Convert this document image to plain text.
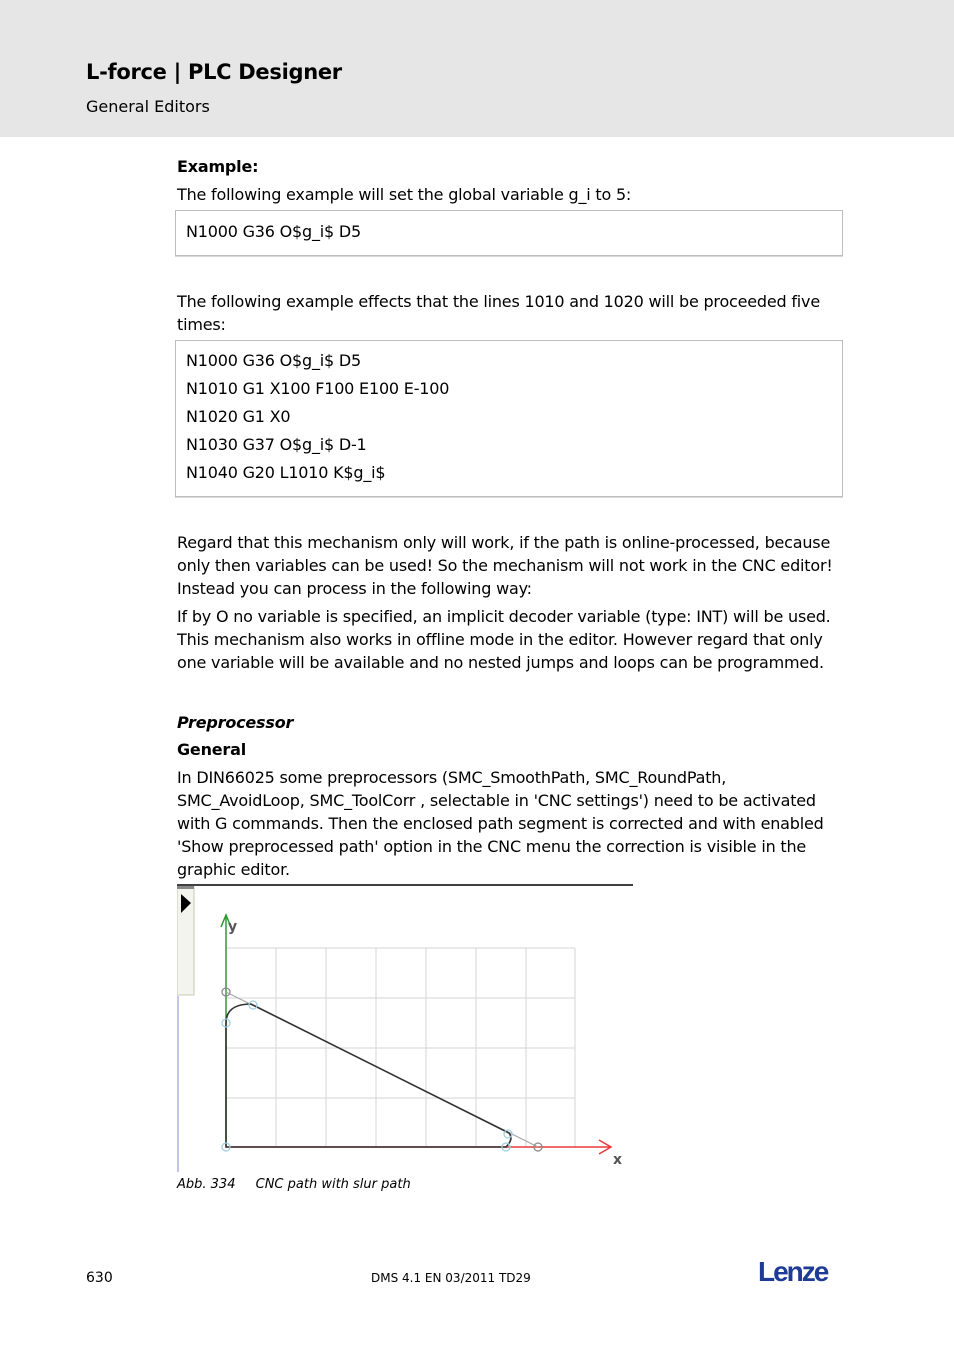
L-force | PLC Designer
General Editors
Example:
The following example will set the global variable g_i to 5:
N1000 G36 O$g_i$ D5
The following example effects that the lines 1010 and 1020 will be proceeded five times:
N1000 G36 O$g_i$ D5
N1010 G1 X100 F100 E100 E-100
N1020 G1 X0
N1030 G37 O$g_i$ D-1
N1040 G20 L1010 K$g_i$
Regard that this mechanism only will work, if the path is online-processed, because only then variables can be used! So the mechanism will not work in the CNC editor! Instead you can process in the following way:
If by O no variable is specified, an implicit decoder variable (type: INT) will be used. This mechanism also works in offline mode in the editor. However regard that only one variable will be available and no nested jumps and loops can be programmed.
Preprocessor
General
In DIN66025 some preprocessors (SMC_SmoothPath, SMC_RoundPath, SMC_AvoidLoop, SMC_ToolCorr , selectable in 'CNC settings') need to be activated with G commands. Then the enclosed path segment is corrected and with enabled 'Show preprocessed path' option in the CNC menu the correction is visible in the graphic editor.
y
x
Abb. 334 CNC path with slur path
630	DMS 4.1 EN 03/2011 TD29	Lenze
